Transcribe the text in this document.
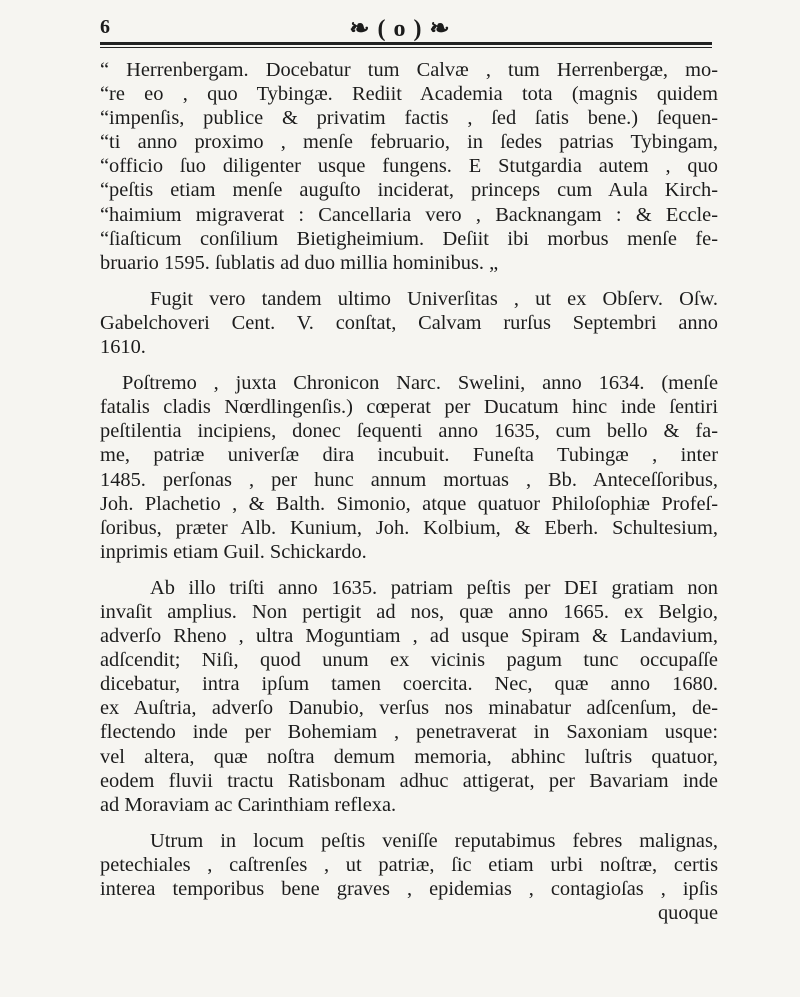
6	❧ ( o ) ❧
“ Herrenbergam. Docebatur tum Calvæ , tum Herrenbergæ, mo-
“re eo , quo Tybingæ. Rediit Academia tota (magnis quidem
“impenſis, publice & privatim factis , ſed ſatis bene.) ſequen-
“ti anno proximo , menſe februario, in ſedes patrias Tybingam,
“officio ſuo diligenter usque fungens. E Stutgardia autem , quo
“peſtis etiam menſe auguſto inciderat, princeps cum Aula Kirch-
“haimium migraverat : Cancellaria vero , Backnangam : & Eccle-
“ſiaſticum conſilium Bietigheimium. Deſiit ibi morbus menſe fe-
bruario 1595. ſublatis ad duo millia hominibus. „
Fugit vero tandem ultimo Univerſitas , ut ex Obſerv. Oſw.
Gabelchoveri Cent. V. conſtat, Calvam rurſus Septembri anno
1610.
Poſtremo , juxta Chronicon Narc. Swelini, anno 1634. (menſe
fatalis cladis Nœrdlingenſis.) cœperat per Ducatum hinc inde ſentiri
peſtilentia incipiens, donec ſequenti anno 1635, cum bello & fa-
me, patriæ univerſæ dira incubuit. Funeſta Tubingæ , inter
1485. perſonas , per hunc annum mortuas , Bb. Anteceſſoribus,
Joh. Plachetio , & Balth. Simonio, atque quatuor Philoſophiæ Profeſ-
ſoribus, præter Alb. Kunium, Joh. Kolbium, & Eberh. Schultesium,
inprimis etiam Guil. Schickardo.
Ab illo triſti anno 1635. patriam peſtis per DEI gratiam non
invaſit amplius. Non pertigit ad nos, quæ anno 1665. ex Belgio,
adverſo Rheno , ultra Moguntiam , ad usque Spiram & Landavium,
adſcendit; Niſi, quod unum ex vicinis pagum tunc occupaſſe
dicebatur, intra ipſum tamen coercita. Nec, quæ anno 1680.
ex Auſtria, adverſo Danubio, verſus nos minabatur adſcenſum, de-
flectendo inde per Bohemiam , penetraverat in Saxoniam usque:
vel altera, quæ noſtra demum memoria, abhinc luſtris quatuor,
eodem fluvii tractu Ratisbonam adhuc attigerat, per Bavariam inde
ad Moraviam ac Carinthiam reflexa.
Utrum in locum peſtis veniſſe reputabimus febres malignas,
petechiales , caſtrenſes , ut patriæ, ſic etiam urbi noſtræ, certis
interea temporibus bene graves , epidemias , contagioſas , ipſis
quoque
